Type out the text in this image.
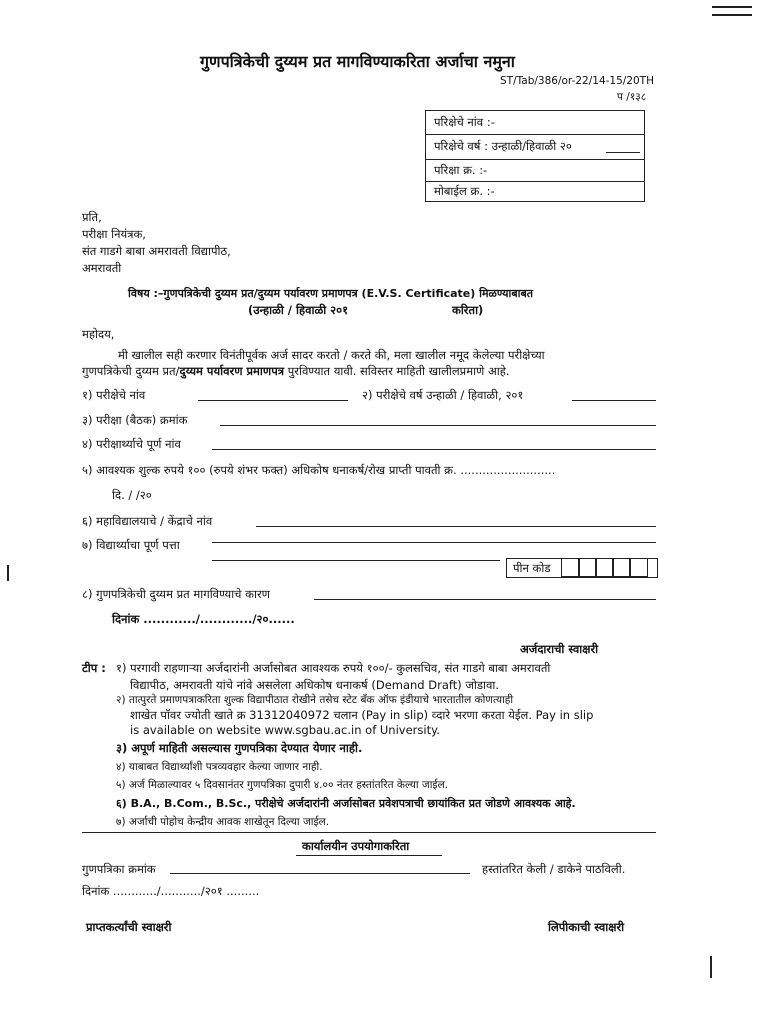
गुणपत्रिकेची दुय्यम प्रत मागविण्याकरिता अर्जाचा नमुना
ST/Tab/386/or-22/14-15/20TH
प /१३८
परिक्षेचे नांव :-
परिक्षेचे वर्ष : उन्हाळी/हिवाळी २०
परिक्षा क्र. :-
मोबाईल क्र. :-
प्रति,
परीक्षा नियंत्रक,
संत गाडगे बाबा अमरावती विद्यापीठ,
अमरावती
विषय :–गुणपत्रिकेची दुय्यम प्रत/दुय्यम पर्यावरण प्रमाणपत्र (E.V.S. Certificate) मिळण्याबाबत
(उन्हाळी / हिवाळी २०१	करिता)
महोदय,
मी खालील सही करणार विनंतीपूर्वक अर्ज सादर करतो / करते की, मला खालील नमूद केलेल्या परीक्षेच्या
गुणपत्रिकेची दुय्यम प्रत/दुय्यम पर्यावरण प्रमाणपत्र पुरविण्यात यावी. सविस्तर माहिती खालीलप्रमाणे आहे.
१) परीक्षेचे नांव	२) परीक्षेचे वर्ष उन्हाळी / हिवाळी, २०१
३) परीक्षा (बैठक) क्रमांक
४) परीक्षार्थ्याचे पूर्ण नांव
५) आवश्यक शुल्क रुपये १०० (रुपये शंभर फक्त) अधिकोष धनाकर्ष/रोख प्राप्ती पावती क्र. ..........................
दि. / /२०
६) महाविद्यालयाचे / केंद्राचे नांव
७) विद्यार्थ्याचा पूर्ण पत्ता
पीन कोड
८) गुणपत्रिकेची दुय्यम प्रत मागविण्याचे कारण
दिनांक ............/............/२०......
अर्जदाराची स्वाक्षरी
टीप : १) परगावी राहणाऱ्या अर्जदारांनी अर्जासोबत आवश्यक रुपये १००/- कुलसचिव, संत गाडगे बाबा अमरावती
विद्यापीठ, अमरावती यांचे नांवे असलेला अधिकोष धनाकर्ष (Demand Draft) जोडावा.
२) तात्पुरते प्रमाणपत्राकरिता शुल्क विद्यापीठात रोखीने तसेच स्टेट बँक ऑफ इंडीयाचे भारतातील कोणत्याही
शाखेत पॉवर ज्योती खाते क्र 31312040972 चलान (Pay in slip) व्दारे भरणा करता येईल. Pay in slip
is available on website www.sgbau.ac.in of University.
३) अपूर्ण माहिती असल्यास गुणपत्रिका देण्यात येणार नाही.
४) याबाबत विद्यार्थ्यांशी पत्रव्यवहार केल्या जाणार नाही.
५) अर्ज मिळाल्यावर ५ दिवसानंतर गुणपत्रिका दुपारी ४.०० नंतर हस्तांतरित केल्या जाईल.
६) B.A., B.Com., B.Sc., परीक्षेचे अर्जदारांनी अर्जासोबत प्रवेशपत्राची छायांकित प्रत जोडणे आवश्यक आहे.
७) अर्जाची पोहोच केन्द्रीय आवक शाखेतून दिल्या जाईल.
कार्यालयीन उपयोगाकरिता
गुणपत्रिका क्रमांक	हस्तांतरित केली / डाकेने पाठविली.
दिनांक ............/.........../२०१ .........
प्राप्तकर्त्यांची स्वाक्षरी	लिपीकाची स्वाक्षरी
